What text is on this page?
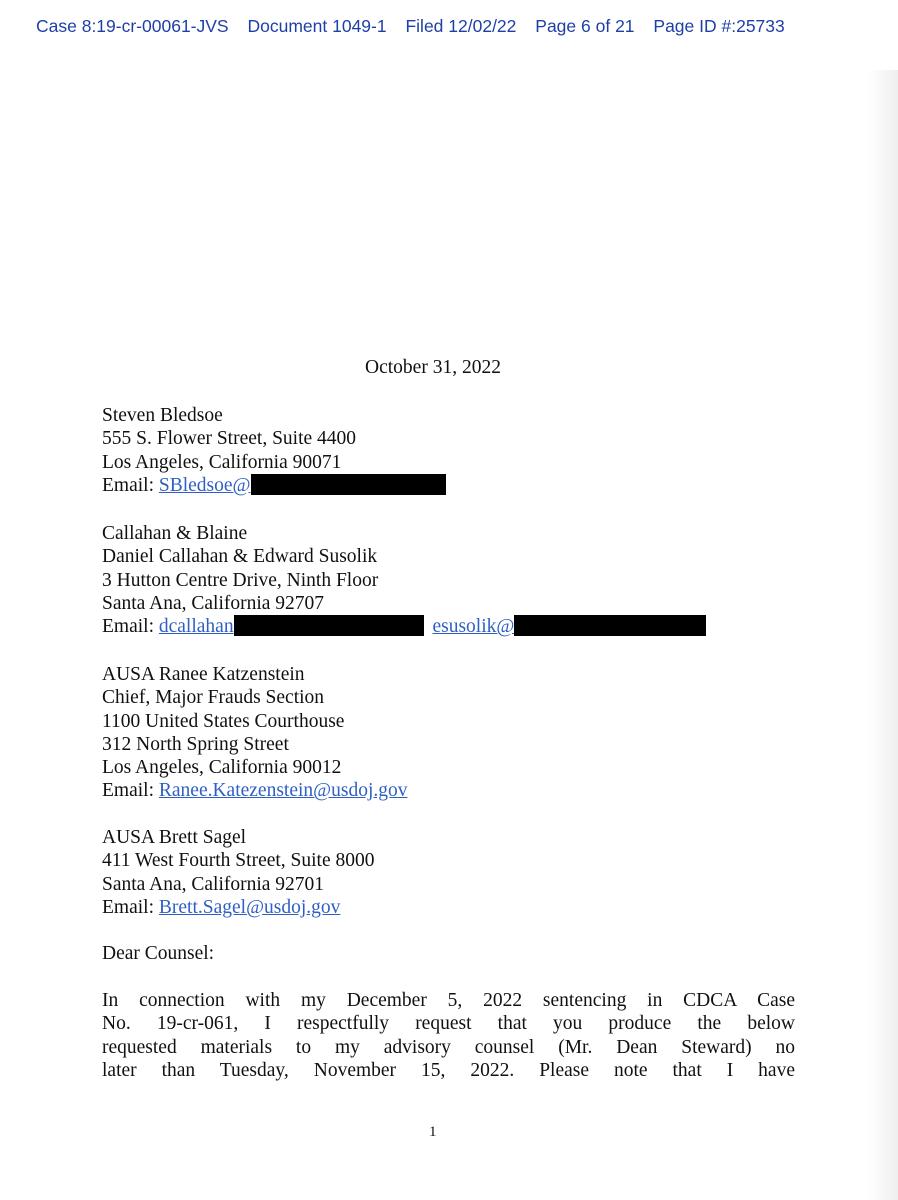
Case 8:19-cr-00061-JVS Document 1049-1 Filed 12/02/22 Page 6 of 21 Page ID #:25733
October 31, 2022
Steven Bledsoe
555 S. Flower Street, Suite 4400
Los Angeles, California 90071
Email: SBledsoe@
Callahan & Blaine
Daniel Callahan & Edward Susolik
3 Hutton Centre Drive, Ninth Floor
Santa Ana, California 92707
Email: dcallahan	esusolik@
AUSA Ranee Katzenstein
Chief, Major Frauds Section
1100 United States Courthouse
312 North Spring Street
Los Angeles, California 90012
Email: Ranee.Katezenstein@usdoj.gov
AUSA Brett Sagel
411 West Fourth Street, Suite 8000
Santa Ana, California 92701
Email: Brett.Sagel@usdoj.gov
Dear Counsel:
In connection with my December 5, 2022 sentencing in CDCA Case
No. 19-cr-061, I respectfully request that you produce the below
requested materials to my advisory counsel (Mr. Dean Steward) no
later than Tuesday, November 15, 2022. Please note that I have
1
